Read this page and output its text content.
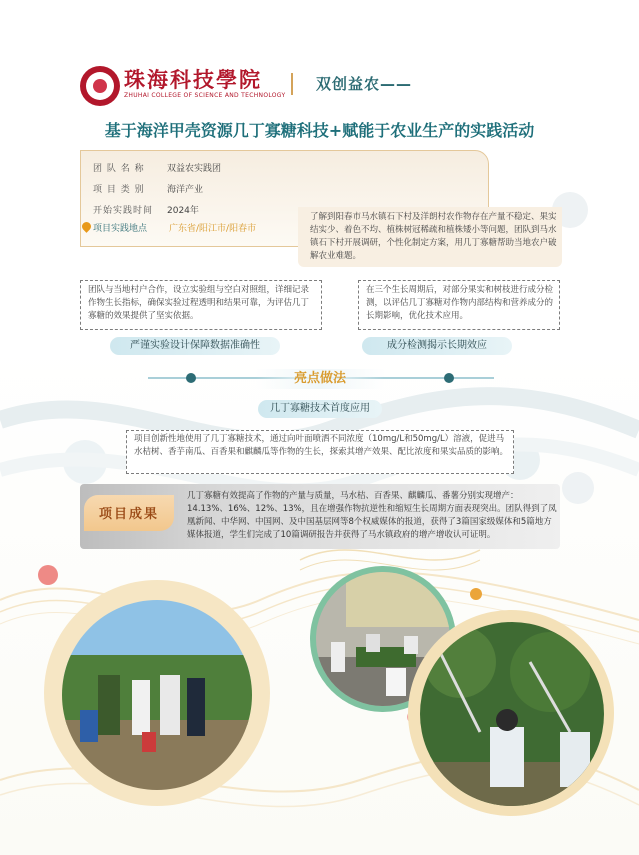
珠海科技學院
ZHUHAI COLLEGE OF SCIENCE AND TECHNOLOGY
双创益农——
基于海洋甲壳资源几丁寡糖科技+赋能于农业生产的实践活动
团 队 名 称 双益农实践团
项 目 类 别 海洋产业
开始实践时间 2024年
项目实践地点 广东省/阳江市/阳春市
了解到阳春市马水镇石下村及洋朗村农作物存在产量不稳定、果实结实少、着色不均、植株树冠稀疏和植株矮小等问题，团队到马水镇石下村开展调研，个性化制定方案，用几丁寡糖帮助当地农户破解农业难题。
团队与当地村户合作，设立实验组与空白对照组，详细记录作物生长指标，确保实验过程透明和结果可靠，为评估几丁寡糖的效果提供了坚实依据。
在三个生长周期后，对部分果实和树枝进行成分检测，以评估几丁寡糖对作物内部结构和营养成分的长期影响，优化技术应用。
严谨实验设计保障数据准确性	成分检测揭示长期效应
亮点做法
几丁寡糖技术首度应用
项目创新性地使用了几丁寡糖技术，通过向叶面喷洒不同浓度（10mg/L和50mg/L）溶液，促进马水桔树、香芋南瓜、百香果和麒麟瓜等作物的生长，探索其增产效果、配比浓度和果实品质的影响。
项目成果
几丁寡糖有效提高了作物的产量与质量，马水桔、百香果、麒麟瓜、番薯分别实现增产：14.13%、16%、12%、13%，且在增强作物抗逆性和缩短生长周期方面表现突出。团队得到了凤凰新闻、中华网、中国网、及中国基层网等8个权威媒体的报道，获得了3篇国家级媒体和5篇地方媒体报道，学生们完成了10篇调研报告并获得了马水镇政府的增产增收认可证明。
